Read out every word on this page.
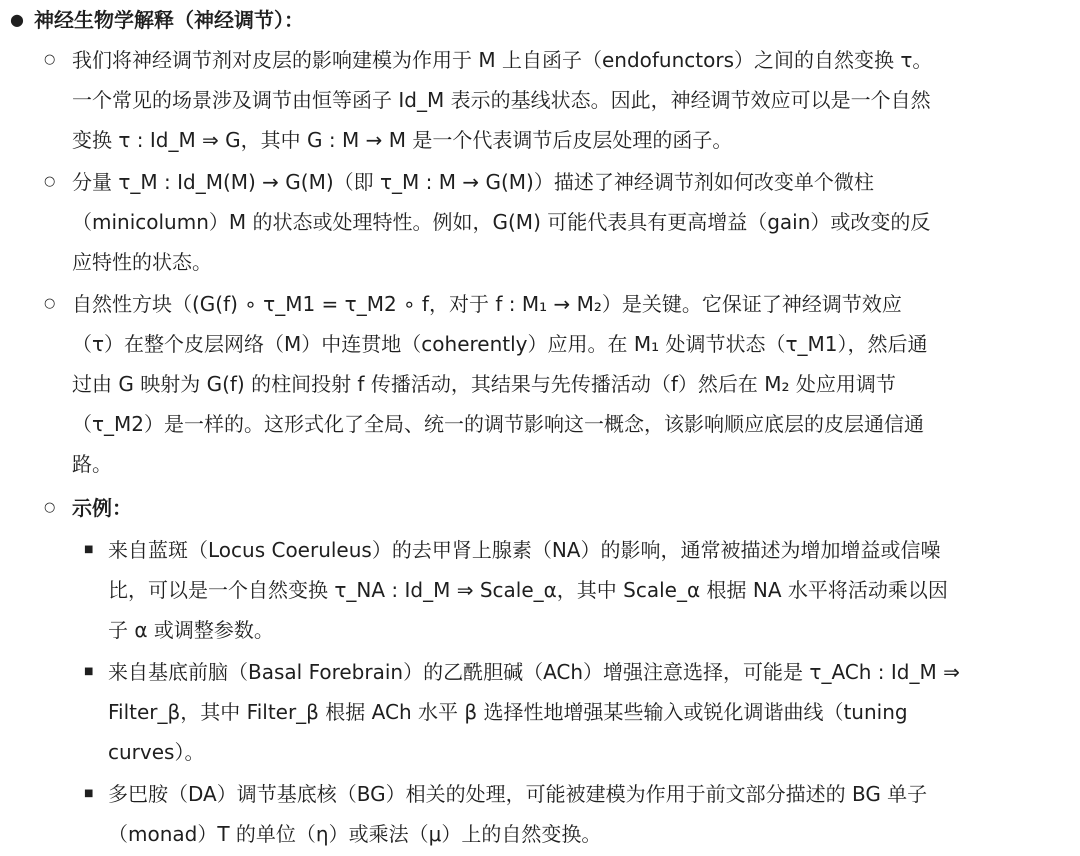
● 神经生物学解释（神经调节）：
○ 我们将神经调节剂对皮层的影响建模为作用于 M 上自函子（endofunctors）之间的自然变换 τ。
一个常见的场景涉及调节由恒等函子 Id_M 表示的基线状态。因此，神经调节效应可以是一个自然
变换 τ : Id_M ⇒ G，其中 G : M → M 是一个代表调节后皮层处理的函子。
○ 分量 τ_M : Id_M(M) → G(M)（即 τ_M : M → G(M)）描述了神经调节剂如何改变单个微柱
（minicolumn）M 的状态或处理特性。例如，G(M) 可能代表具有更高增益（gain）或改变的反
应特性的状态。
○ 自然性方块（(G(f) ∘ τ_M1 = τ_M2 ∘ f，对于 f : M₁ → M₂）是关键。它保证了神经调节效应
（τ）在整个皮层网络（M）中连贯地（coherently）应用。在 M₁ 处调节状态（τ_M1），然后通
过由 G 映射为 G(f) 的柱间投射 f 传播活动，其结果与先传播活动（f）然后在 M₂ 处应用调节
（τ_M2）是一样的。这形式化了全局、统一的调节影响这一概念，该影响顺应底层的皮层通信通
路。
○ 示例：
■ 来自蓝斑（Locus Coeruleus）的去甲肾上腺素（NA）的影响，通常被描述为增加增益或信噪
比，可以是一个自然变换 τ_NA : Id_M ⇒ Scale_α，其中 Scale_α 根据 NA 水平将活动乘以因
子 α 或调整参数。
■ 来自基底前脑（Basal Forebrain）的乙酰胆碱（ACh）增强注意选择，可能是 τ_ACh : Id_M ⇒
Filter_β，其中 Filter_β 根据 ACh 水平 β 选择性地增强某些输入或锐化调谐曲线（tuning
curves）。
■ 多巴胺（DA）调节基底核（BG）相关的处理，可能被建模为作用于前文部分描述的 BG 单子
（monad）T 的单位（η）或乘法（μ）上的自然变换。
